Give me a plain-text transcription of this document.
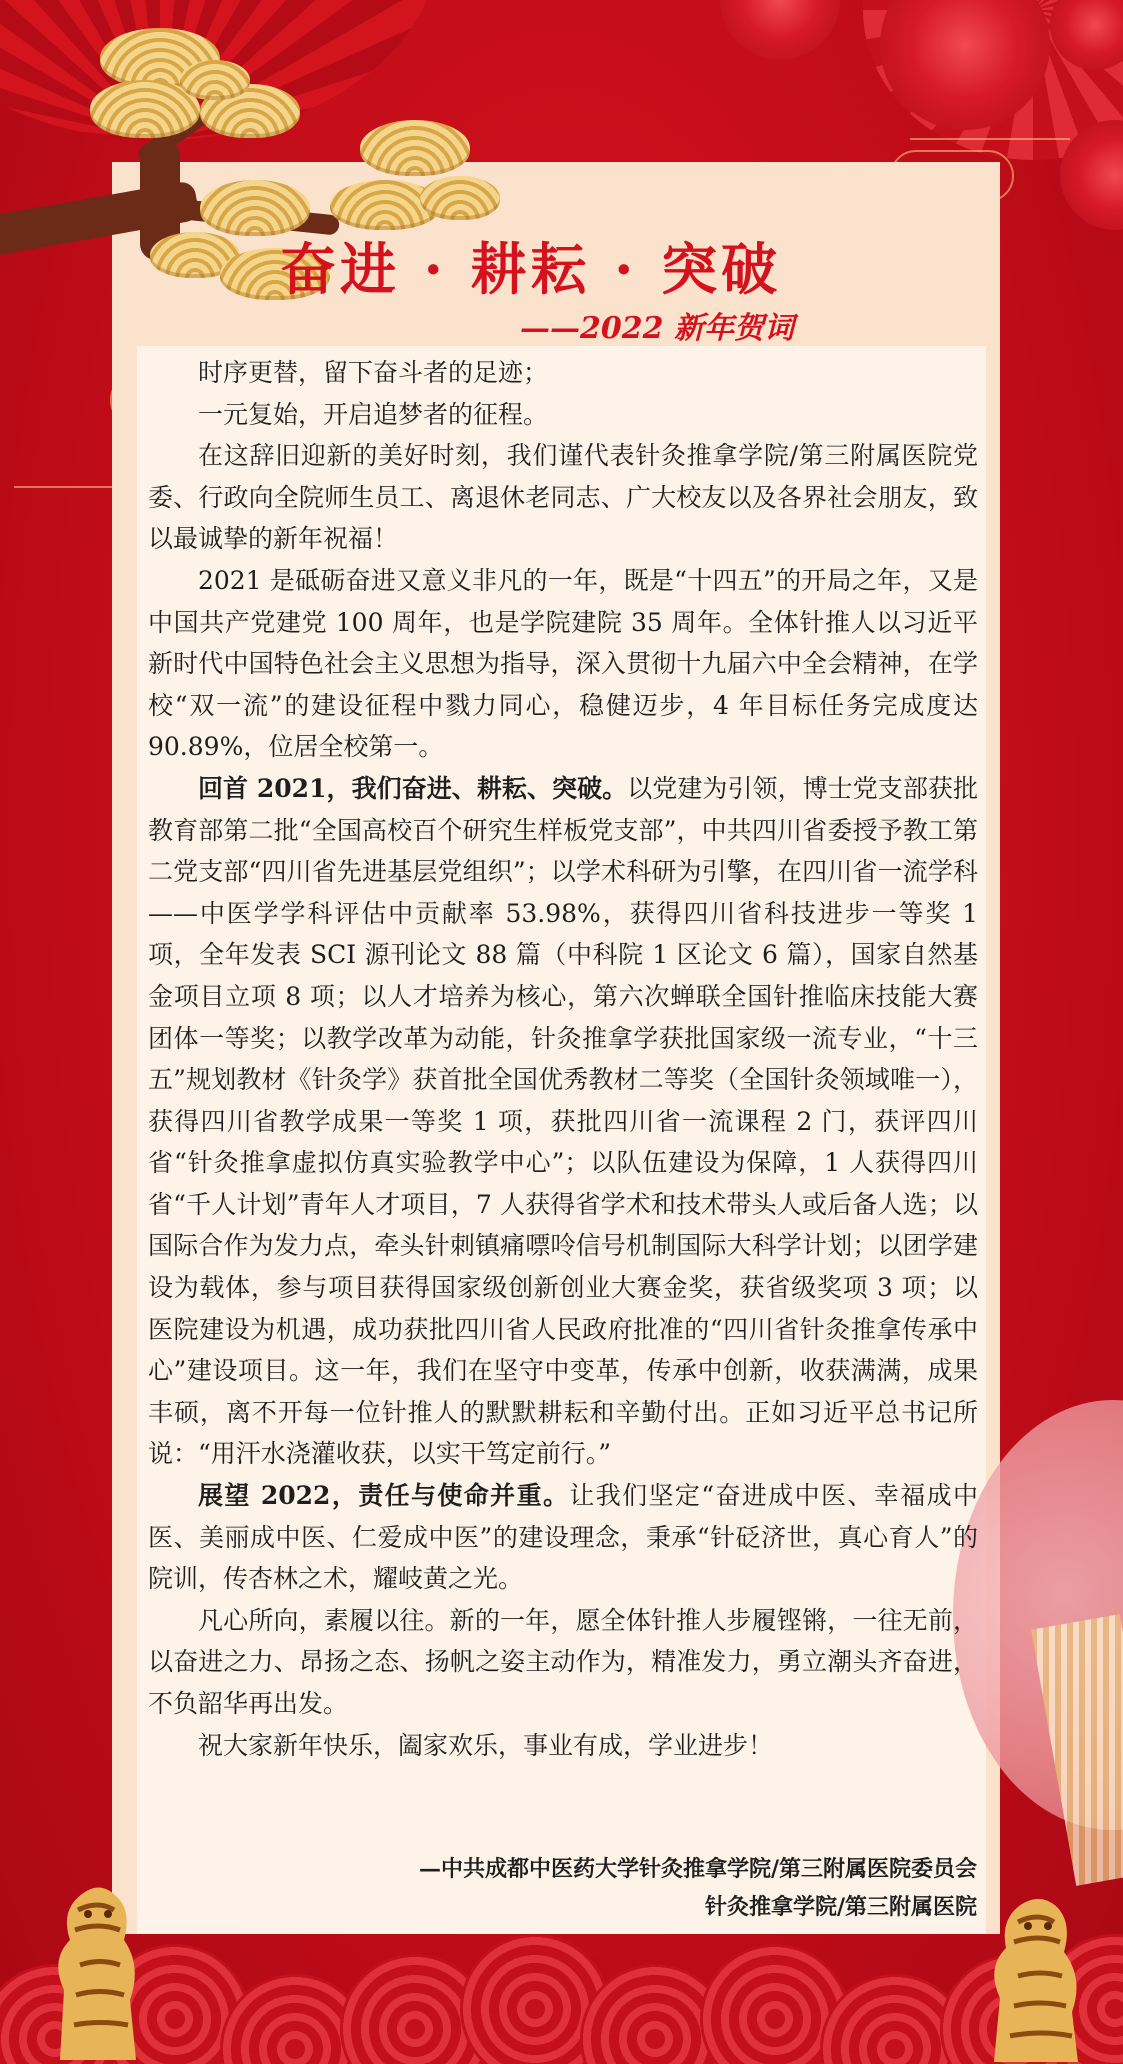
奋进 · 耕耘 · 突破
——2022 新年贺词

时序更替，留下奋斗者的足迹；

一元复始，开启追梦者的征程。

在这辞旧迎新的美好时刻，我们谨代表针灸推拿学院/第三附属医院党委、行政向全院师生员工、离退休老同志、广大校友以及各界社会朋友，致以最诚挚的新年祝福！

2021 是砥砺奋进又意义非凡的一年，既是“十四五”的开局之年，又是中国共产党建党 100 周年，也是学院建院 35 周年。全体针推人以习近平新时代中国特色社会主义思想为指导，深入贯彻十九届六中全会精神，在学校“双一流”的建设征程中戮力同心，稳健迈步，4 年目标任务完成度达 90.89%，位居全校第一。

回首 2021，我们奋进、耕耘、突破。以党建为引领，博士党支部获批教育部第二批“全国高校百个研究生样板党支部”，中共四川省委授予教工第二党支部“四川省先进基层党组织”；以学术科研为引擎，在四川省一流学科——中医学学科评估中贡献率 53.98%，获得四川省科技进步一等奖 1 项，全年发表 SCI 源刊论文 88 篇（中科院 1 区论文 6 篇），国家自然基金项目立项 8 项；以人才培养为核心，第六次蝉联全国针推临床技能大赛团体一等奖；以教学改革为动能，针灸推拿学获批国家级一流专业，“十三五”规划教材《针灸学》获首批全国优秀教材二等奖（全国针灸领域唯一），获得四川省教学成果一等奖 1 项，获批四川省一流课程 2 门，获评四川省“针灸推拿虚拟仿真实验教学中心”；以队伍建设为保障，1 人获得四川省“千人计划”青年人才项目，7 人获得省学术和技术带头人或后备人选；以国际合作为发力点，牵头针刺镇痛嘌呤信号机制国际大科学计划；以团学建设为载体，参与项目获得国家级创新创业大赛金奖，获省级奖项 3 项；以医院建设为机遇，成功获批四川省人民政府批准的“四川省针灸推拿传承中心”建设项目。这一年，我们在坚守中变革，传承中创新，收获满满，成果丰硕，离不开每一位针推人的默默耕耘和辛勤付出。正如习近平总书记所说：“用汗水浇灌收获，以实干笃定前行。”

展望 2022，责任与使命并重。让我们坚定“奋进成中医、幸福成中医、美丽成中医、仁爱成中医”的建设理念，秉承“针砭济世，真心育人”的院训，传杏林之术，耀岐黄之光。

凡心所向，素履以往。新的一年，愿全体针推人步履铿锵，一往无前，以奋进之力、昂扬之态、扬帆之姿主动作为，精准发力，勇立潮头齐奋进，不负韶华再出发。

祝大家新年快乐，阖家欢乐，事业有成，学业进步！

—中共成都中医药大学针灸推拿学院/第三附属医院委员会
针灸推拿学院/第三附属医院
